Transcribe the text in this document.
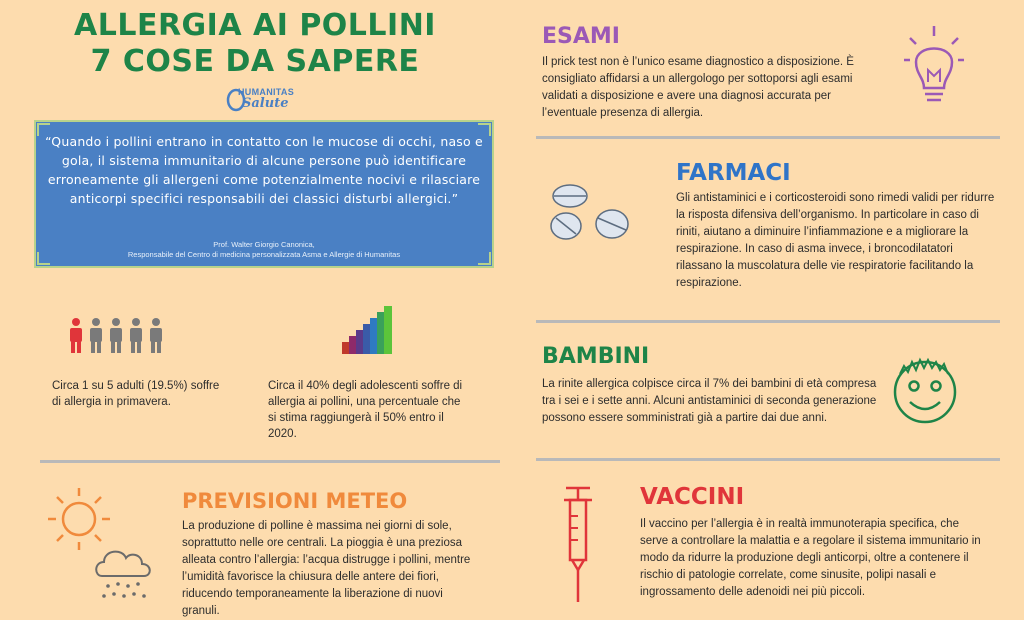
ALLERGIA AI POLLINI
7 COSE DA SAPERE
HUMANITAS
Salute
“Quando i pollini entrano in contatto con le mucose di occhi, naso e gola, il sistema immunitario di alcune persone può identificare erroneamente gli allergeni come potenzialmente nocivi e rilasciare anticorpi specifici responsabili dei classici disturbi allergici.”
Prof. Walter Giorgio Canonica,
Responsabile del Centro di medicina personalizzata Asma e Allergie di Humanitas
Circa 1 su 5 adulti (19.5%) soffre di allergia in primavera.
Circa il 40% degli adolescenti soffre di allergia ai pollini, una percentuale che si stima raggiungerà il 50% entro il 2020.
ESAMI
Il prick test non è l’unico esame diagnostico a disposizione. È consigliato affidarsi a un allergologo per sottoporsi agli esami validati a disposizione e avere una diagnosi accurata per l’eventuale presenza di allergia.
FARMACI
Gli antistaminici e i corticosteroidi sono rimedi validi per ridurre la risposta difensiva dell’organismo. In particolare in caso di riniti, aiutano a diminuire l’infiammazione e a migliorare la respirazione. In caso di asma invece, i broncodilatatori rilassano la muscolatura delle vie respiratorie facilitando la respirazione.
BAMBINI
La rinite allergica colpisce circa il 7% dei bambini di età compresa tra i sei e i sette anni. Alcuni antistaminici di seconda generazione possono essere somministrati già a partire dai due anni.
PREVISIONI METEO
La produzione di polline è massima nei giorni di sole, soprattutto nelle ore centrali. La pioggia è una preziosa alleata contro l’allergia: l’acqua distrugge i pollini, mentre l’umidità favorisce la chiusura delle antere dei fiori, riducendo temporaneamente la liberazione di nuovi granuli.
VACCINI
Il vaccino per l’allergia è in realtà immunoterapia specifica, che serve a controllare la malattia e a regolare il sistema immunitario in modo da ridurre la produzione degli anticorpi, oltre a contenere il rischio di patologie correlate, come sinusite, polipi nasali e ingrossamento delle adenoidi nei più piccoli.
